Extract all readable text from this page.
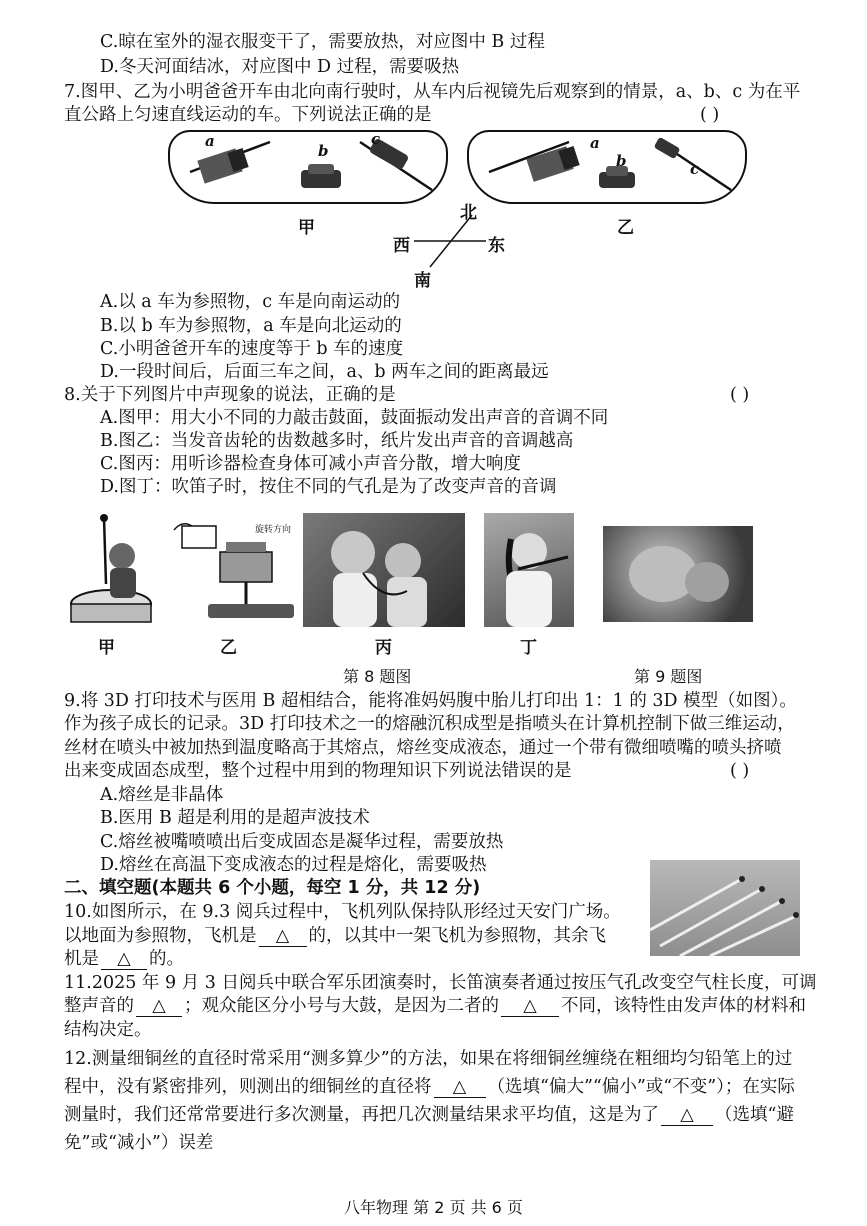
C.晾在室外的湿衣服变干了，需要放热，对应图中 B 过程
D.冬天河面结冰，对应图中 D 过程，需要吸热
7.图甲、乙为小明爸爸开车由北向南行驶时，从车内后视镜先后观察到的情景，a、b、c 为在平
直公路上匀速直线运动的车。下列说法正确的是	( )
a
b
c	a
b	c
甲	乙
北
西	东
南
A.以 a 车为参照物，c 车是向南运动的
B.以 b 车为参照物，a 车是向北运动的
C.小明爸爸开车的速度等于 b 车的速度
D.一段时间后，后面三车之间，a、b 两车之间的距离最远
8.关于下列图片中声现象的说法，正确的是	( )
A.图甲：用大小不同的力敲击鼓面，鼓面振动发出声音的音调不同
B.图乙：当发音齿轮的齿数越多时，纸片发出声音的音调越高
C.图丙：用听诊器检查身体可减小声音分散，增大响度
D.图丁：吹笛子时，按住不同的气孔是为了改变声音的音调
甲
旋转方向
乙	丙	丁
第 8 题图	第 9 题图
9.将 3D 打印技术与医用 B 超相结合，能将准妈妈腹中胎儿打印出 1：1 的 3D 模型（如图）。
作为孩子成长的记录。3D 打印技术之一的熔融沉积成型是指喷头在计算机控制下做三维运动，
丝材在喷头中被加热到温度略高于其熔点，熔丝变成液态，通过一个带有微细喷嘴的喷头挤喷
出来变成固态成型，整个过程中用到的物理知识下列说法错误的是	( )
A.熔丝是非晶体
B.医用 B 超是利用的是超声波技术
C.熔丝被嘴喷喷出后变成固态是凝华过程，需要放热
D.熔丝在高温下变成液态的过程是熔化，需要吸热
二、填空题(本题共 6 个小题，每空 1 分，共 12 分)
10.如图所示，在 9.3 阅兵过程中，飞机列队保持队形经过天安门广场。
以地面为参照物，飞机是 △ 的，以其中一架飞机为参照物，其余飞
机是 △ 的。
11.2025 年 9 月 3 日阅兵中联合军乐团演奏时，长笛演奏者通过按压气孔改变空气柱长度，可调
整声音的 △ ；观众能区分小号与大鼓，是因为二者的 △ 不同，该特性由发声体的材料和
结构决定。
12.测量细铜丝的直径时常采用“测多算少”的方法，如果在将细铜丝缠绕在粗细均匀铅笔上的过
程中，没有紧密排列，则测出的细铜丝的直径将 △ （选填“偏大”“偏小”或“不变”）；在实际
测量时，我们还常常要进行多次测量，再把几次测量结果求平均值，这是为了 △ （选填“避
免”或“减小”）误差
八年物理 第 2 页 共 6 页
